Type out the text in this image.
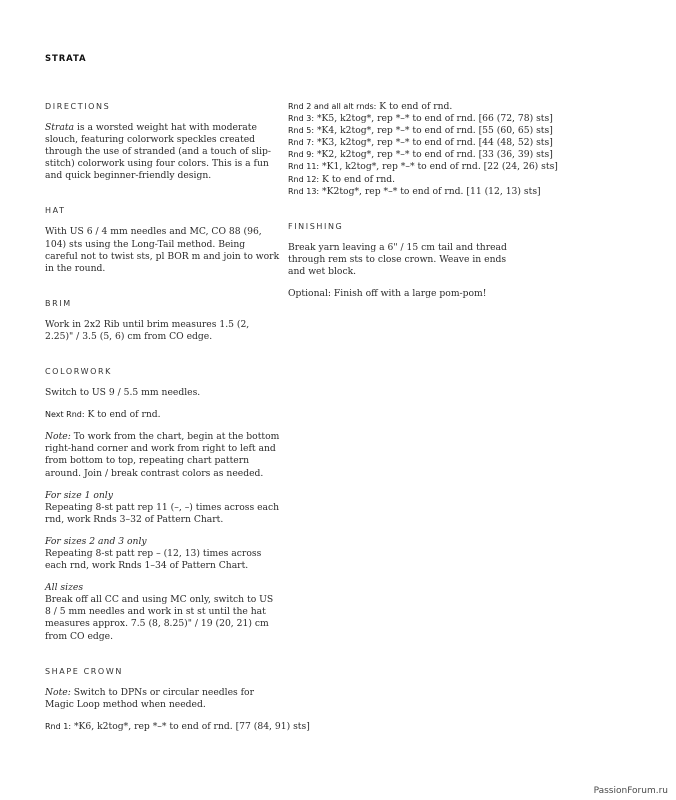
STRATA
DIRECTIONS

Strata is a worsted weight hat with moderate slouch, featuring colorwork speckles created through the use of stranded (and a touch of slip-stitch) colorwork using four colors. This is a fun and quick beginner-friendly design.

HAT

With US 6 / 4 mm needles and MC, CO 88 (96, 104) sts using the Long-Tail method. Being careful not to twist sts, pl BOR m and join to work in the round.

BRIM

Work in 2x2 Rib until brim measures 1.5 (2, 2.25)" / 3.5 (5, 6) cm from CO edge.

COLORWORK

Switch to US 9 / 5.5 mm needles.

Next Rnd: K to end of rnd.

Note: To work from the chart, begin at the bottom right-hand corner and work from right to left and from bottom to top, repeating chart pattern around. Join / break contrast colors as needed.

For size 1 only

Repeating 8-st patt rep 11 (–, –) times across each rnd, work Rnds 3–32 of Pattern Chart.

For sizes 2 and 3 only

Repeating 8-st patt rep – (12, 13) times across each rnd, work Rnds 1–34 of Pattern Chart.

All sizes

Break off all CC and using MC only, switch to US 8 / 5 mm needles and work in st st until the hat measures approx. 7.5 (8, 8.25)" / 19 (20, 21) cm from CO edge.

SHAPE CROWN

Note: Switch to DPNs or circular needles for Magic Loop method when needed.

Rnd 1: *K6, k2tog*, rep *–* to end of rnd. [77 (84, 91) sts]

Rnd 2 and all alt rnds: K to end of rnd.

Rnd 3: *K5, k2tog*, rep *–* to end of rnd. [66 (72, 78) sts]

Rnd 5: *K4, k2tog*, rep *–* to end of rnd. [55 (60, 65) sts]

Rnd 7: *K3, k2tog*, rep *–* to end of rnd. [44 (48, 52) sts]

Rnd 9: *K2, k2tog*, rep *–* to end of rnd. [33 (36, 39) sts]

Rnd 11: *K1, k2tog*, rep *–* to end of rnd. [22 (24, 26) sts]

Rnd 12: K to end of rnd.

Rnd 13: *K2tog*, rep *–* to end of rnd. [11 (12, 13) sts]

FINISHING

Break yarn leaving a 6" / 15 cm tail and thread through rem sts to close crown. Weave in ends and wet block.

Optional: Finish off with a large pom-pom!

PassionForum.ru
